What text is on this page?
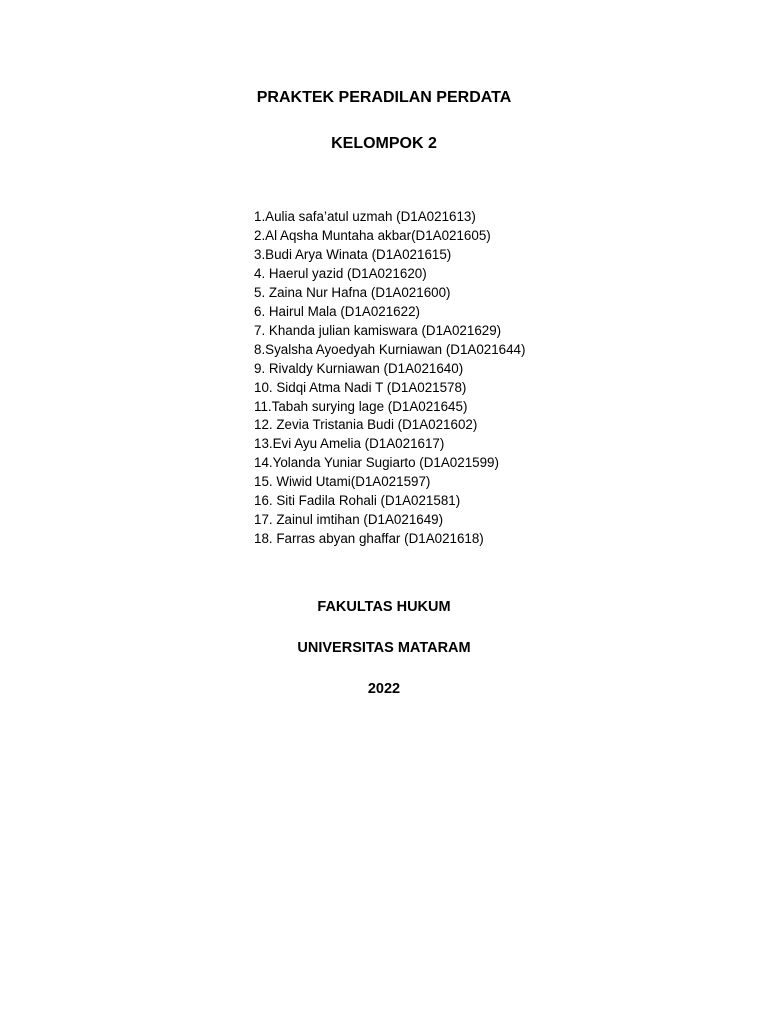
PRAKTEK PERADILAN PERDATA
KELOMPOK 2
1.Aulia safa’atul uzmah (D1A021613)
2.Al Aqsha Muntaha akbar(D1A021605)
3.Budi Arya Winata (D1A021615)
4. Haerul yazid (D1A021620)
5. Zaina Nur Hafna (D1A021600)
6. Hairul Mala (D1A021622)
7. Khanda julian kamiswara (D1A021629)
8.Syalsha Ayoedyah Kurniawan (D1A021644)
9. Rivaldy Kurniawan (D1A021640)
10. Sidqi Atma Nadi T (D1A021578)
11.Tabah surying lage (D1A021645)
12. Zevia Tristania Budi (D1A021602)
13.Evi Ayu Amelia (D1A021617)
14.Yolanda Yuniar Sugiarto (D1A021599)
15. Wiwid Utami(D1A021597)
16. Siti Fadila Rohali (D1A021581)
17. Zainul imtihan (D1A021649)
18. Farras abyan ghaffar (D1A021618)
FAKULTAS HUKUM
UNIVERSITAS MATARAM
2022
